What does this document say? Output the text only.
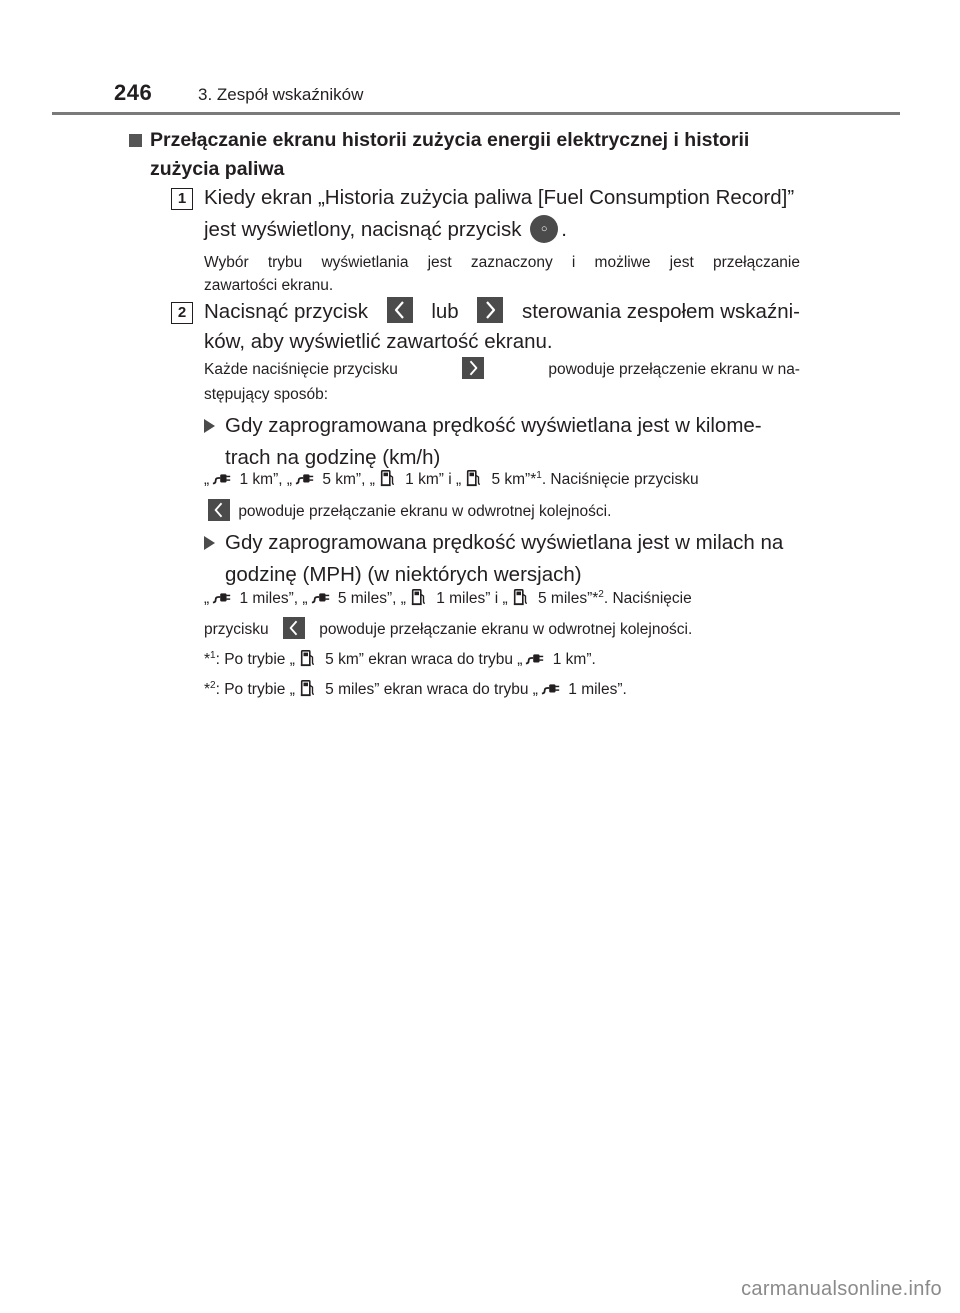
246	3. Zespół wskaźników
Przełączanie ekranu historii zużycia energii elektrycznej i historii
zużycia paliwa
1 Kiedy ekran „Historia zużycia paliwa [Fuel Consumption Record]”
jest wyświetlony, nacisnąć przycisk ○ .
Wybór trybu wyświetlania jest zaznaczony i możliwe jest przełączanie
zawartości ekranu.
2 Nacisnąć przycisk	lub	sterowania zespołem wskaźni-
ków, aby wyświetlić zawartość ekranu.
Każde naciśnięcie przycisku	powoduje przełączenie ekranu w na-
stępujący sposób:
Gdy zaprogramowana prędkość wyświetlana jest w kilome-
trach na godzinę (km/h)
„ 1 km”, „ 5 km”, „ 1 km” i „ 5 km”*$^1$. Naciśnięcie przycisku
powoduje przełączanie ekranu w odwrotnej kolejności.
Gdy zaprogramowana prędkość wyświetlana jest w milach na
godzinę (MPH) (w niektórych wersjach)
„ 1 miles”, „ 5 miles”, „ 1 miles” i „ 5 miles”*$^2$. Naciśnięcie
przycisku	powoduje przełączanie ekranu w odwrotnej kolejności.
*$^1$: Po trybie „ 5 km” ekran wraca do trybu „ 1 km”.
*$^2$: Po trybie „ 5 miles” ekran wraca do trybu „ 1 miles”.
carmanualsonline.info
